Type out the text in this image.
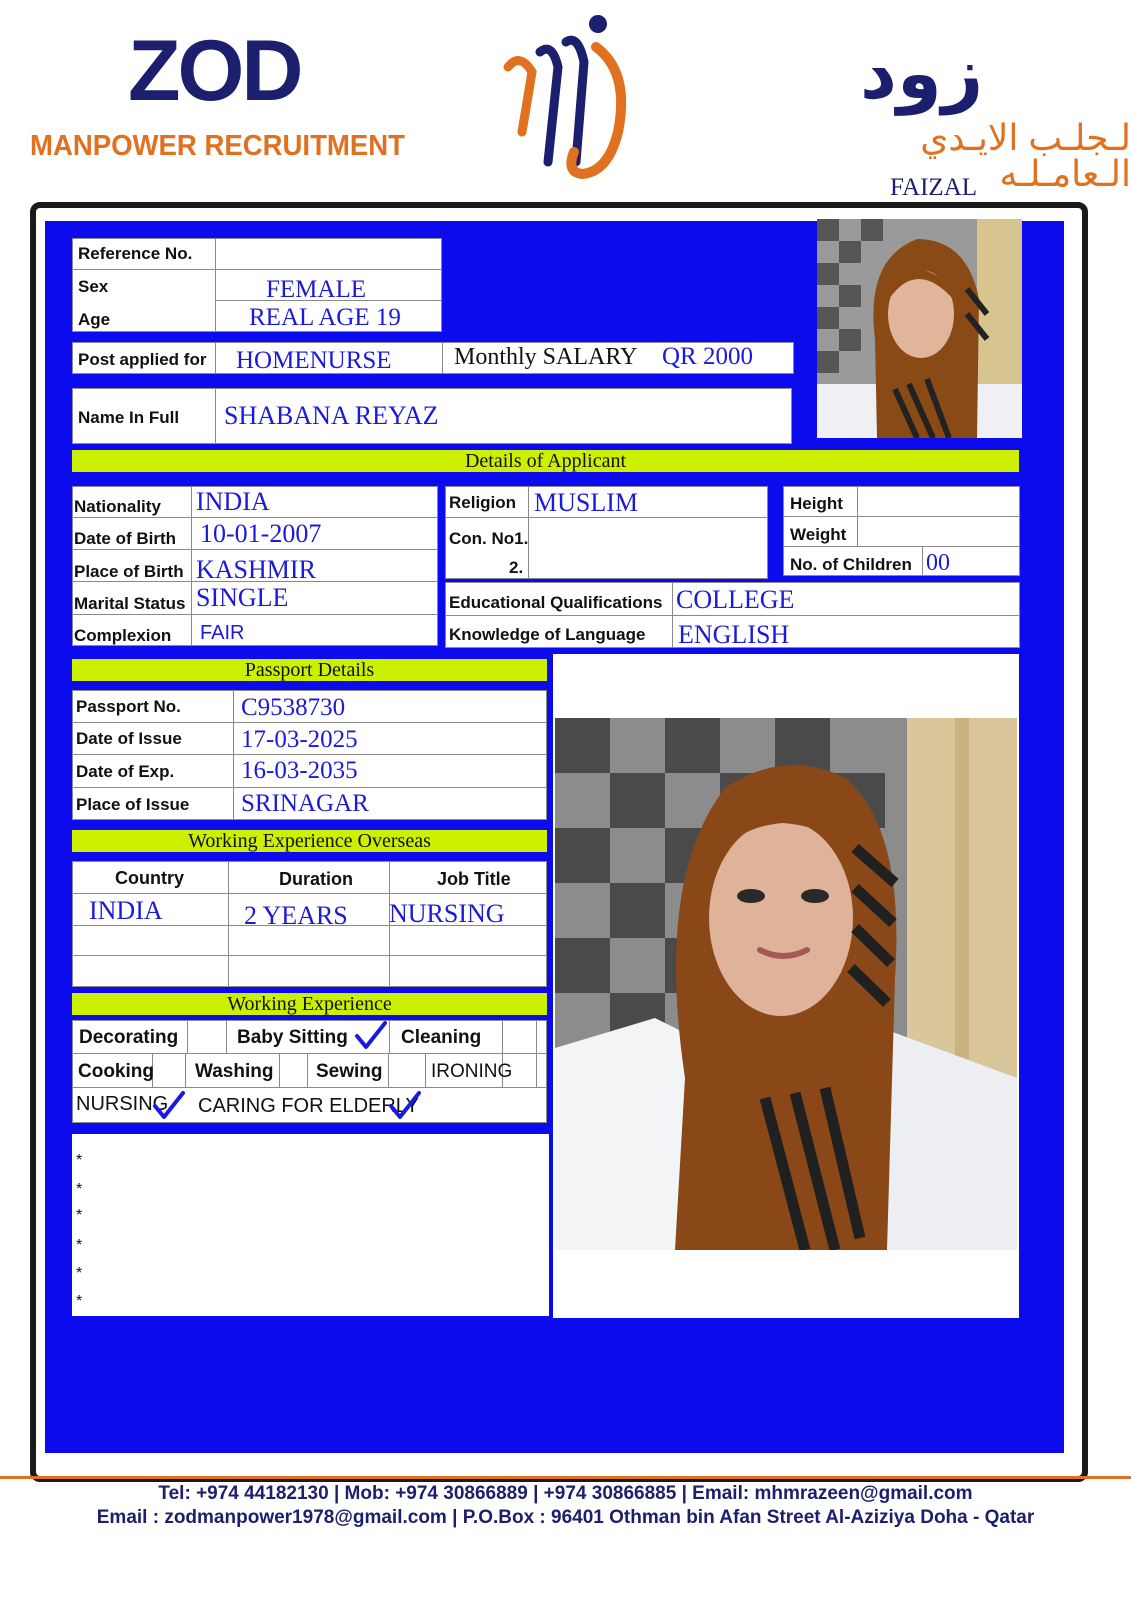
ZOD
MANPOWER RECRUITMENT
زود
لـجلـب الايـدي الـعامـلـه
FAIZAL
Reference No.
Sex	FEMALE
Age	REAL AGE 19
Post applied for HOMENURSE	Monthly SALARY QR 2000
Name In Full SHABANA REYAZ
Details of Applicant
Nationality INDIA
Date of Birth 10-01-2007
Place of Birth KASHMIR
Marital Status SINGLE
Complexion FAIR
Religion MUSLIM
Con. No1.
2.
Height
Weight
No. of Children 00
Educational Qualifications COLLEGE
Knowledge of Language ENGLISH
Passport Details
Passport No. C9538730
Date of Issue 17-03-2025
Date of Exp.	16-03-2035
Place of Issue SRINAGAR
Working Experience Overseas
Country	Duration	Job Title
INDIA	2 YEARS NURSING
Working Experience
Decorating	Baby Sitting	Cleaning
Cooking Washing Sewing	IRONING
NURSING CARING FOR ELDERLY
*
*
*
*
*
*
Tel: +974 44182130 | Mob: +974 30866889 | +974 30866885 | Email: mhmrazeen@gmail.com
Email : zodmanpower1978@gmail.com | P.O.Box : 96401 Othman bin Afan Street Al-Aziziya Doha - Qatar
